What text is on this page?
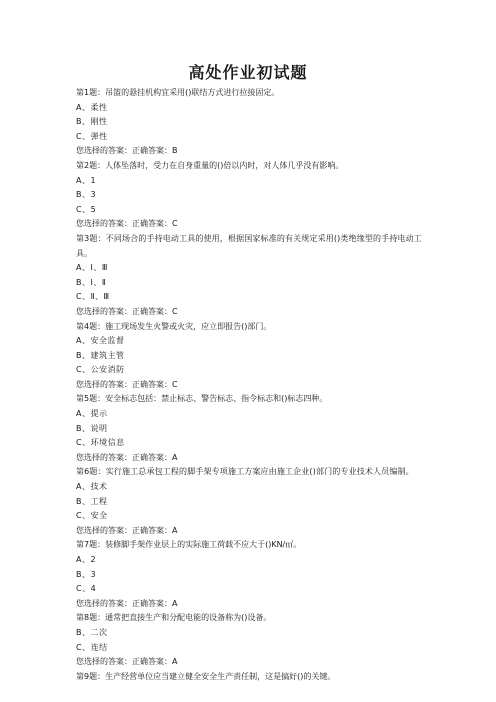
高处作业初试题

第1题：吊篮的悬挂机构宜采用()联结方式进行拉接固定。

A、柔性

B、刚性

C、弹性

您选择的答案：正确答案：B

第2题：人体坠落时，受力在自身重量的()倍以内时，对人体几乎没有影响。

A、1

B、3

C、5

您选择的答案：正确答案：C

第3题：不同场合的手持电动工具的使用，根据国家标准的有关规定采用()类绝缘型的手持电动工具。

A、Ⅰ、Ⅲ

B、Ⅰ、Ⅱ

C、Ⅱ、Ⅲ

您选择的答案：正确答案：C

第4题：施工现场发生火警或火灾，应立即报告()部门。

A、安全监督

B、建筑主管

C、公安消防

您选择的答案：正确答案：C

第5题：安全标志包括：禁止标志、警告标志、指令标志和()标志四种。

A、提示

B、说明

C、环境信息

您选择的答案：正确答案：A

第6题：实行施工总承包工程的脚手架专项施工方案应由施工企业()部门的专业技术人员编制。

A、技术

B、工程

C、安全

您选择的答案：正确答案：A

第7题：装修脚手架作业层上的实际施工荷载不应大于()KN/㎡。

A、2

B、3

C、4

您选择的答案：正确答案：A

第8题：通常把直接生产和分配电能的设备称为()设备。

B、二次

C、连结

您选择的答案：正确答案：A

第9题：生产经营单位应当建立健全安全生产责任制，这是搞好()的关键。
